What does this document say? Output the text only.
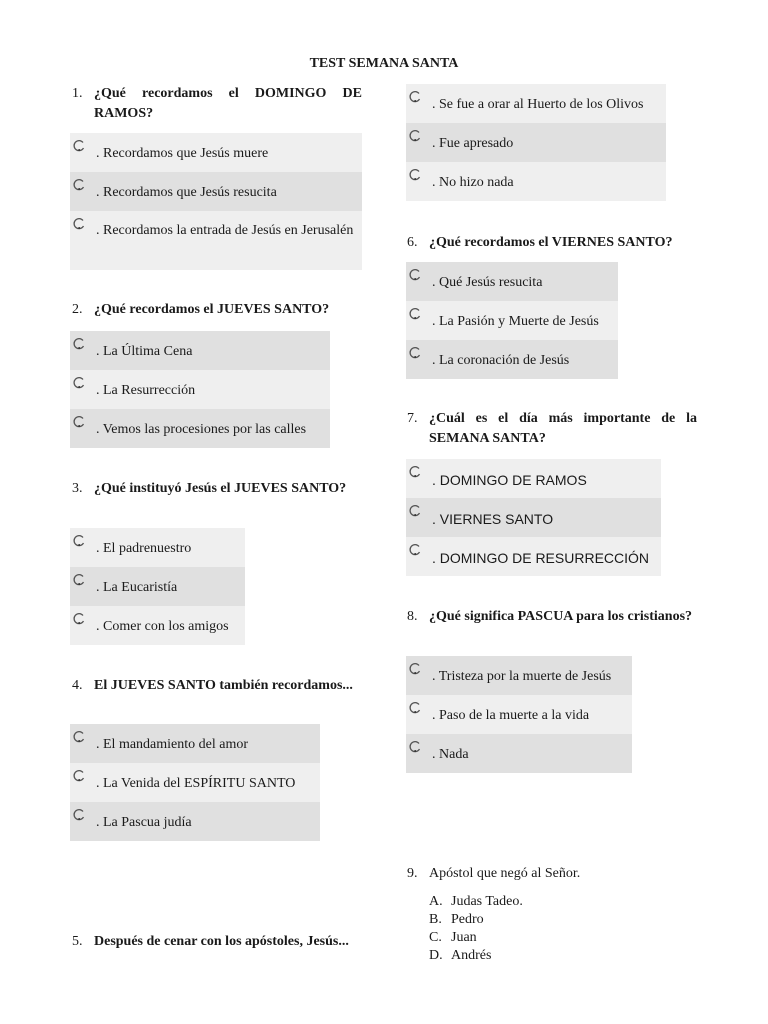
TEST SEMANA SANTA
1. ¿Qué recordamos el DOMINGO DE RAMOS?
. Recordamos que Jesús muere
. Recordamos que Jesús resucita
. Recordamos la entrada de Jesús en Jerusalén
2. ¿Qué recordamos el JUEVES SANTO?
. La Última Cena
. La Resurrección
. Vemos las procesiones por las calles
3. ¿Qué instituyó Jesús el JUEVES SANTO?
. El padrenuestro
. La Eucaristía
. Comer con los amigos
4. El JUEVES SANTO también recordamos...
. El mandamiento del amor
. La Venida del ESPÍRITU SANTO
. La Pascua judía
5. Después de cenar con los apóstoles, Jesús...
. Se fue a orar al Huerto de los Olivos
. Fue apresado
. No hizo nada
6. ¿Qué recordamos el VIERNES SANTO?
. Qué Jesús resucita
. La Pasión y Muerte de Jesús
. La coronación de Jesús
7. ¿Cuál es el día más importante de la SEMANA SANTA?
. DOMINGO DE RAMOS
. VIERNES SANTO
. DOMINGO DE RESURRECCIÓN
8. ¿Qué significa PASCUA para los cristianos?
. Tristeza por la muerte de Jesús
. Paso de la muerte a la vida
. Nada
9. Apóstol que negó al Señor.
A. Judas Tadeo.
B. Pedro
C. Juan
D. Andrés
